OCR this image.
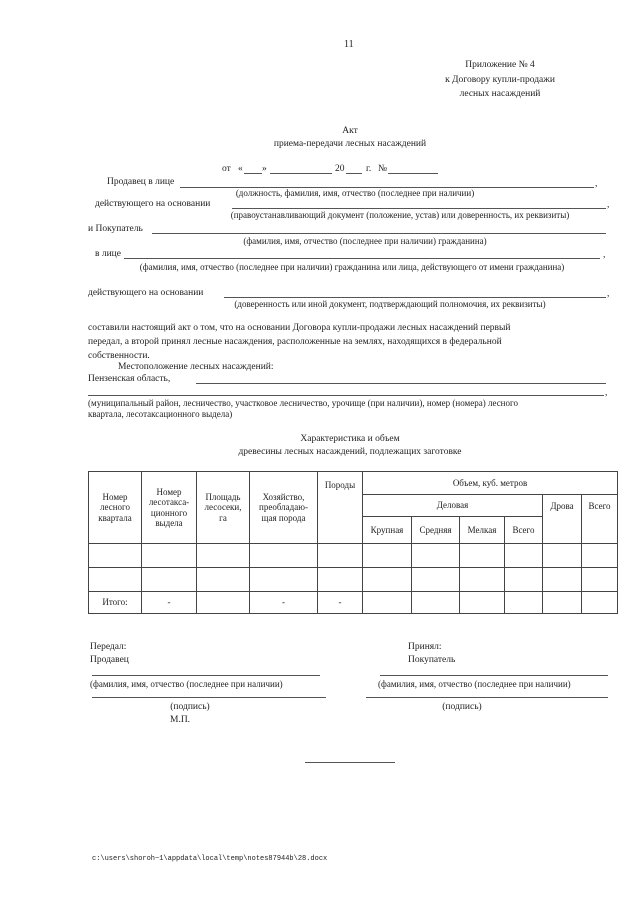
11
Приложение № 4
к Договору купли-продажи
лесных насаждений
Акт
приема-передачи лесных насаждений
от « »	20 г. №
Продавец в лице	,
(должность, фамилия, имя, отчество (последнее при наличии)
действующего на основании	,
(правоустанавливающий документ (положение, устав) или доверенность, их реквизиты)
и Покупатель
(фамилия, имя, отчество (последнее при наличии) гражданина)
в лице	,
(фамилия, имя, отчество (последнее при наличии) гражданина или лица, действующего от имени гражданина)
действующего на основании	,
(доверенность или иной документ, подтверждающий полномочия, их реквизиты)
составили настоящий акт о том, что на основании Договора купли-продажи лесных насаждений первый
передал, а второй принял лесные насаждения, расположенные на землях, находящихся в федеральной
собственности.
Местоположение лесных насаждений:
Пензенская область,
,
(муниципальный район, лесничество, участковое лесничество, урочище (при наличии), номер (номера) лесного
квартала, лесотаксационного выдела)
Характеристика и объем
древесины лесных насаждений, подлежащих заготовке
Номер
лесного
квартала	Номер
лесотакса-
ционного
выдела	Площадь
лесосеки,
га	Хозяйство,
преобладаю-
щая порода	Породы	Объем, куб. метров					
					Деловая				Дрова	Всего
					Крупная	Средняя	Мелкая	Всего		

Итого:	-		-	-						
Передал:
Продавец
Принял:
Покупатель
(фамилия, имя, отчество (последнее при наличии)	(фамилия, имя, отчество (последнее при наличии)
(подпись)	(подпись)
М.П.
c:\users\shoroh~1\appdata\local\temp\notes87944b\28.docx
